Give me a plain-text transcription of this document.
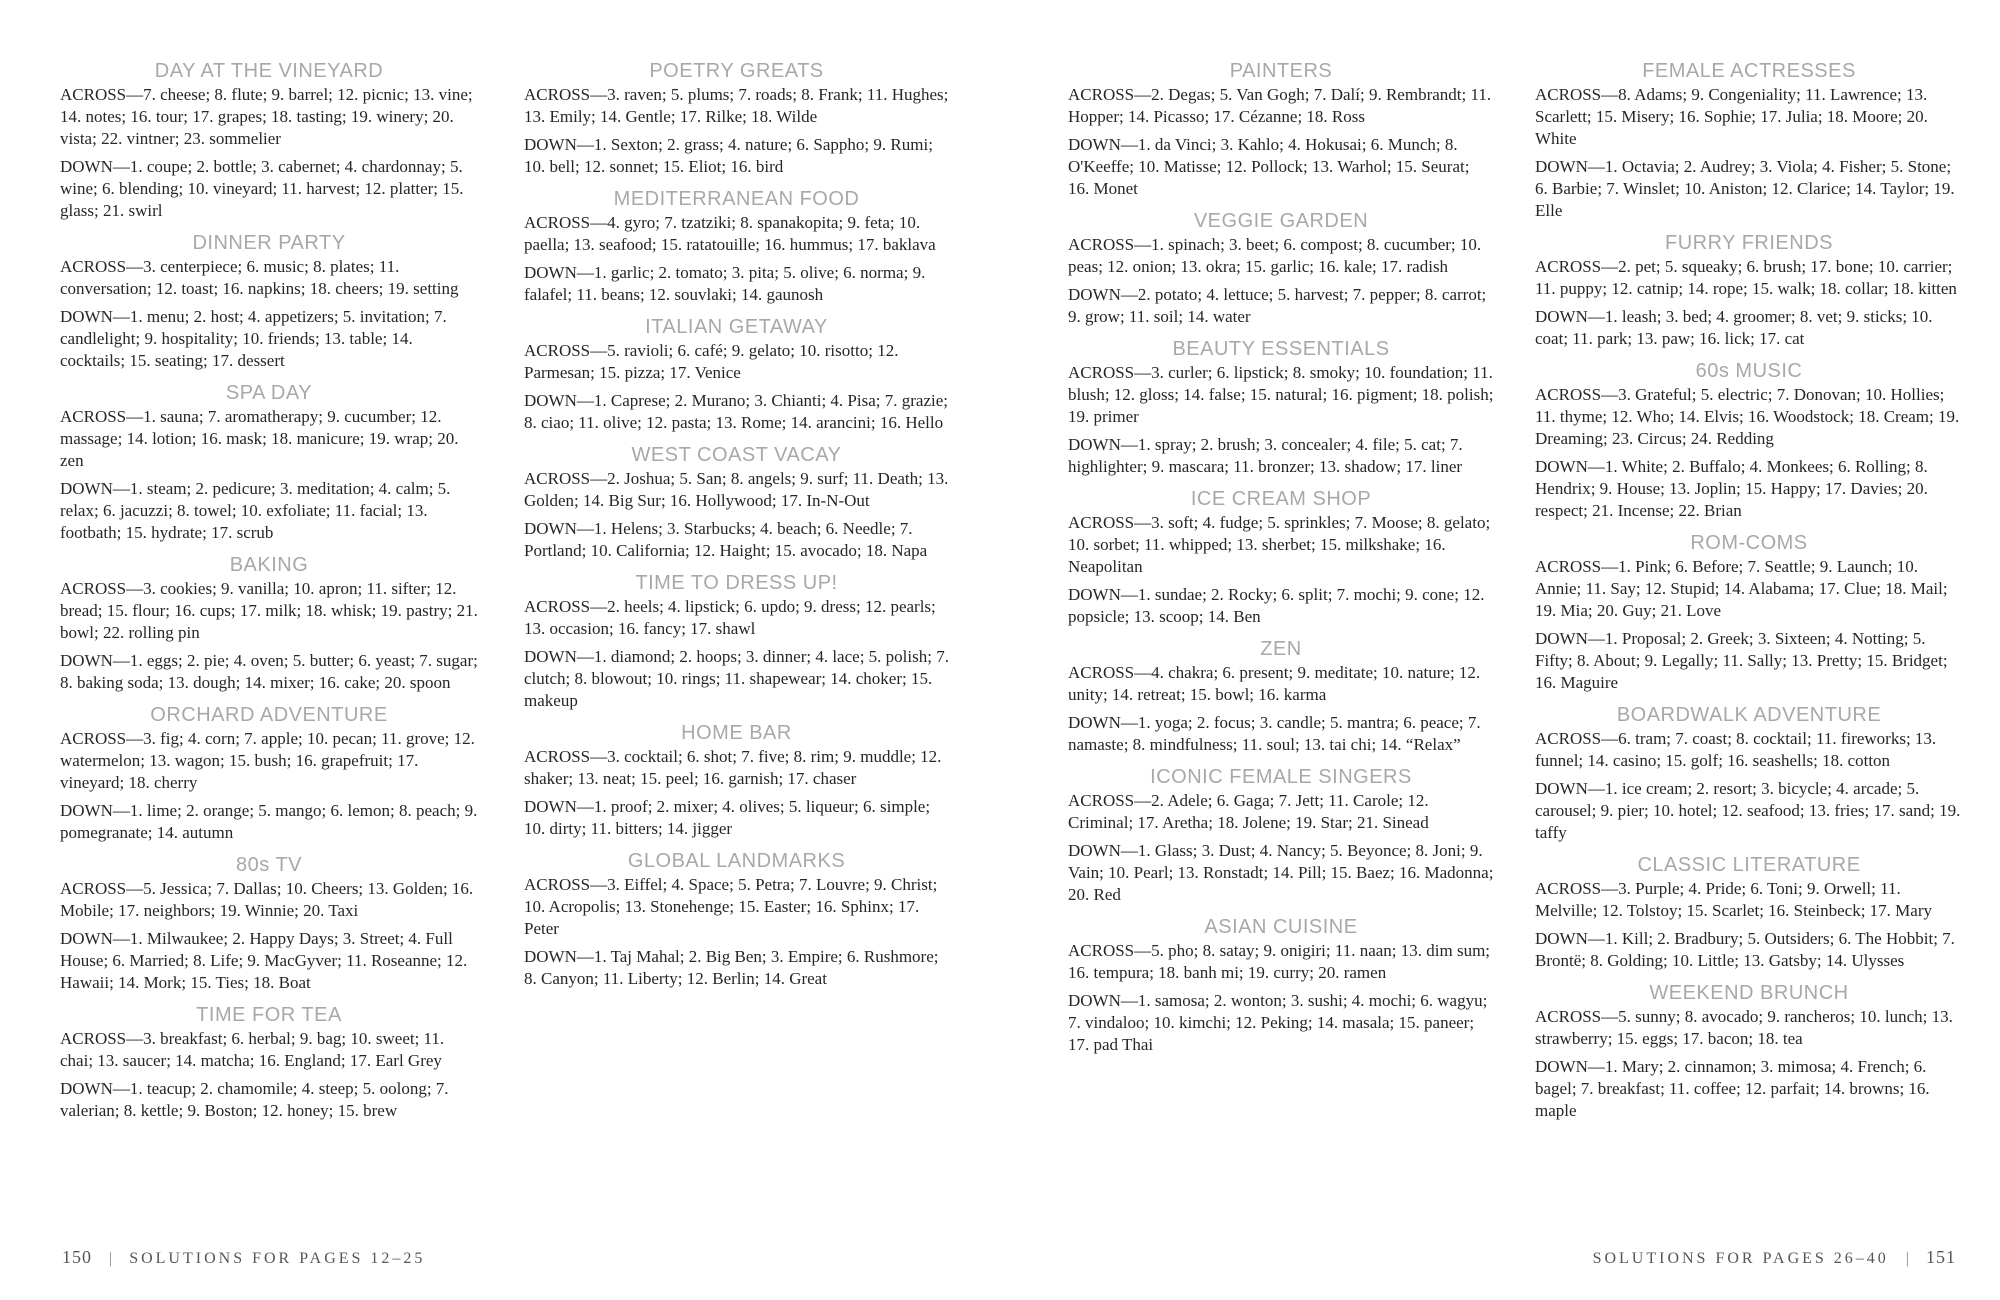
DAY AT THE VINEYARD
ACROSS—7. cheese; 8. flute; 9. barrel; 12. picnic; 13. vine; 14. notes; 16. tour; 17. grapes; 18. tasting; 19. winery; 20. vista; 22. vintner; 23. sommelier
DOWN—1. coupe; 2. bottle; 3. cabernet; 4. chardonnay; 5. wine; 6. blending; 10. vineyard; 11. harvest; 12. platter; 15. glass; 21. swirl
DINNER PARTY
ACROSS—3. centerpiece; 6. music; 8. plates; 11. conversation; 12. toast; 16. napkins; 18. cheers; 19. setting
DOWN—1. menu; 2. host; 4. appetizers; 5. invitation; 7. candlelight; 9. hospitality; 10. friends; 13. table; 14. cocktails; 15. seating; 17. dessert
SPA DAY
ACROSS—1. sauna; 7. aromatherapy; 9. cucumber; 12. massage; 14. lotion; 16. mask; 18. manicure; 19. wrap; 20. zen
DOWN—1. steam; 2. pedicure; 3. meditation; 4. calm; 5. relax; 6. jacuzzi; 8. towel; 10. exfoliate; 11. facial; 13. footbath; 15. hydrate; 17. scrub
BAKING
ACROSS—3. cookies; 9. vanilla; 10. apron; 11. sifter; 12. bread; 15. flour; 16. cups; 17. milk; 18. whisk; 19. pastry; 21. bowl; 22. rolling pin
DOWN—1. eggs; 2. pie; 4. oven; 5. butter; 6. yeast; 7. sugar; 8. baking soda; 13. dough; 14. mixer; 16. cake; 20. spoon
ORCHARD ADVENTURE
ACROSS—3. fig; 4. corn; 7. apple; 10. pecan; 11. grove; 12. watermelon; 13. wagon; 15. bush; 16. grapefruit; 17. vineyard; 18. cherry
DOWN—1. lime; 2. orange; 5. mango; 6. lemon; 8. peach; 9. pomegranate; 14. autumn
80s TV
ACROSS—5. Jessica; 7. Dallas; 10. Cheers; 13. Golden; 16. Mobile; 17. neighbors; 19. Winnie; 20. Taxi
DOWN—1. Milwaukee; 2. Happy Days; 3. Street; 4. Full House; 6. Married; 8. Life; 9. MacGyver; 11. Roseanne; 12. Hawaii; 14. Mork; 15. Ties; 18. Boat
TIME FOR TEA
ACROSS—3. breakfast; 6. herbal; 9. bag; 10. sweet; 11. chai; 13. saucer; 14. matcha; 16. England; 17. Earl Grey
DOWN—1. teacup; 2. chamomile; 4. steep; 5. oolong; 7. valerian; 8. kettle; 9. Boston; 12. honey; 15. brew
POETRY GREATS
ACROSS—3. raven; 5. plums; 7. roads; 8. Frank; 11. Hughes; 13. Emily; 14. Gentle; 17. Rilke; 18. Wilde
DOWN—1. Sexton; 2. grass; 4. nature; 6. Sappho; 9. Rumi; 10. bell; 12. sonnet; 15. Eliot; 16. bird
MEDITERRANEAN FOOD
ACROSS—4. gyro; 7. tzatziki; 8. spanakopita; 9. feta; 10. paella; 13. seafood; 15. ratatouille; 16. hummus; 17. baklava
DOWN—1. garlic; 2. tomato; 3. pita; 5. olive; 6. norma; 9. falafel; 11. beans; 12. souvlaki; 14. gaunosh
ITALIAN GETAWAY
ACROSS—5. ravioli; 6. café; 9. gelato; 10. risotto; 12. Parmesan; 15. pizza; 17. Venice
DOWN—1. Caprese; 2. Murano; 3. Chianti; 4. Pisa; 7. grazie; 8. ciao; 11. olive; 12. pasta; 13. Rome; 14. arancini; 16. Hello
WEST COAST VACAY
ACROSS—2. Joshua; 5. San; 8. angels; 9. surf; 11. Death; 13. Golden; 14. Big Sur; 16. Hollywood; 17. In-N-Out
DOWN—1. Helens; 3. Starbucks; 4. beach; 6. Needle; 7. Portland; 10. California; 12. Haight; 15. avocado; 18. Napa
TIME TO DRESS UP!
ACROSS—2. heels; 4. lipstick; 6. updo; 9. dress; 12. pearls; 13. occasion; 16. fancy; 17. shawl
DOWN—1. diamond; 2. hoops; 3. dinner; 4. lace; 5. polish; 7. clutch; 8. blowout; 10. rings; 11. shapewear; 14. choker; 15. makeup
HOME BAR
ACROSS—3. cocktail; 6. shot; 7. five; 8. rim; 9. muddle; 12. shaker; 13. neat; 15. peel; 16. garnish; 17. chaser
DOWN—1. proof; 2. mixer; 4. olives; 5. liqueur; 6. simple; 10. dirty; 11. bitters; 14. jigger
GLOBAL LANDMARKS
ACROSS—3. Eiffel; 4. Space; 5. Petra; 7. Louvre; 9. Christ; 10. Acropolis; 13. Stonehenge; 15. Easter; 16. Sphinx; 17. Peter
DOWN—1. Taj Mahal; 2. Big Ben; 3. Empire; 6. Rushmore; 8. Canyon; 11. Liberty; 12. Berlin; 14. Great
PAINTERS
ACROSS—2. Degas; 5. Van Gogh; 7. Dalí; 9. Rembrandt; 11. Hopper; 14. Picasso; 17. Cézanne; 18. Ross
DOWN—1. da Vinci; 3. Kahlo; 4. Hokusai; 6. Munch; 8. O'Keeffe; 10. Matisse; 12. Pollock; 13. Warhol; 15. Seurat; 16. Monet
VEGGIE GARDEN
ACROSS—1. spinach; 3. beet; 6. compost; 8. cucumber; 10. peas; 12. onion; 13. okra; 15. garlic; 16. kale; 17. radish
DOWN—2. potato; 4. lettuce; 5. harvest; 7. pepper; 8. carrot; 9. grow; 11. soil; 14. water
BEAUTY ESSENTIALS
ACROSS—3. curler; 6. lipstick; 8. smoky; 10. foundation; 11. blush; 12. gloss; 14. false; 15. natural; 16. pigment; 18. polish; 19. primer
DOWN—1. spray; 2. brush; 3. concealer; 4. file; 5. cat; 7. highlighter; 9. mascara; 11. bronzer; 13. shadow; 17. liner
ICE CREAM SHOP
ACROSS—3. soft; 4. fudge; 5. sprinkles; 7. Moose; 8. gelato; 10. sorbet; 11. whipped; 13. sherbet; 15. milkshake; 16. Neapolitan
DOWN—1. sundae; 2. Rocky; 6. split; 7. mochi; 9. cone; 12. popsicle; 13. scoop; 14. Ben
ZEN
ACROSS—4. chakra; 6. present; 9. meditate; 10. nature; 12. unity; 14. retreat; 15. bowl; 16. karma
DOWN—1. yoga; 2. focus; 3. candle; 5. mantra; 6. peace; 7. namaste; 8. mindfulness; 11. soul; 13. tai chi; 14. “Relax”
ICONIC FEMALE SINGERS
ACROSS—2. Adele; 6. Gaga; 7. Jett; 11. Carole; 12. Criminal; 17. Aretha; 18. Jolene; 19. Star; 21. Sinead
DOWN—1. Glass; 3. Dust; 4. Nancy; 5. Beyonce; 8. Joni; 9. Vain; 10. Pearl; 13. Ronstadt; 14. Pill; 15. Baez; 16. Madonna; 20. Red
ASIAN CUISINE
ACROSS—5. pho; 8. satay; 9. onigiri; 11. naan; 13. dim sum; 16. tempura; 18. banh mi; 19. curry; 20. ramen
DOWN—1. samosa; 2. wonton; 3. sushi; 4. mochi; 6. wagyu; 7. vindaloo; 10. kimchi; 12. Peking; 14. masala; 15. paneer; 17. pad Thai
FEMALE ACTRESSES
ACROSS—8. Adams; 9. Congeniality; 11. Lawrence; 13. Scarlett; 15. Misery; 16. Sophie; 17. Julia; 18. Moore; 20. White
DOWN—1. Octavia; 2. Audrey; 3. Viola; 4. Fisher; 5. Stone; 6. Barbie; 7. Winslet; 10. Aniston; 12. Clarice; 14. Taylor; 19. Elle
FURRY FRIENDS
ACROSS—2. pet; 5. squeaky; 6. brush; 17. bone; 10. carrier; 11. puppy; 12. catnip; 14. rope; 15. walk; 18. collar; 18. kitten
DOWN—1. leash; 3. bed; 4. groomer; 8. vet; 9. sticks; 10. coat; 11. park; 13. paw; 16. lick; 17. cat
60s MUSIC
ACROSS—3. Grateful; 5. electric; 7. Donovan; 10. Hollies; 11. thyme; 12. Who; 14. Elvis; 16. Woodstock; 18. Cream; 19. Dreaming; 23. Circus; 24. Redding
DOWN—1. White; 2. Buffalo; 4. Monkees; 6. Rolling; 8. Hendrix; 9. House; 13. Joplin; 15. Happy; 17. Davies; 20. respect; 21. Incense; 22. Brian
ROM-COMS
ACROSS—1. Pink; 6. Before; 7. Seattle; 9. Launch; 10. Annie; 11. Say; 12. Stupid; 14. Alabama; 17. Clue; 18. Mail; 19. Mia; 20. Guy; 21. Love
DOWN—1. Proposal; 2. Greek; 3. Sixteen; 4. Notting; 5. Fifty; 8. About; 9. Legally; 11. Sally; 13. Pretty; 15. Bridget; 16. Maguire
BOARDWALK ADVENTURE
ACROSS—6. tram; 7. coast; 8. cocktail; 11. fireworks; 13. funnel; 14. casino; 15. golf; 16. seashells; 18. cotton
DOWN—1. ice cream; 2. resort; 3. bicycle; 4. arcade; 5. carousel; 9. pier; 10. hotel; 12. seafood; 13. fries; 17. sand; 19. taffy
CLASSIC LITERATURE
ACROSS—3. Purple; 4. Pride; 6. Toni; 9. Orwell; 11. Melville; 12. Tolstoy; 15. Scarlet; 16. Steinbeck; 17. Mary
DOWN—1. Kill; 2. Bradbury; 5. Outsiders; 6. The Hobbit; 7. Brontë; 8. Golding; 10. Little; 13. Gatsby; 14. Ulysses
WEEKEND BRUNCH
ACROSS—5. sunny; 8. avocado; 9. rancheros; 10. lunch; 13. strawberry; 15. eggs; 17. bacon; 18. tea
DOWN—1. Mary; 2. cinnamon; 3. mimosa; 4. French; 6. bagel; 7. breakfast; 11. coffee; 12. parfait; 14. browns; 16. maple
150 | SOLUTIONS FOR PAGES 12–25	SOLUTIONS FOR PAGES 26–40 | 151
